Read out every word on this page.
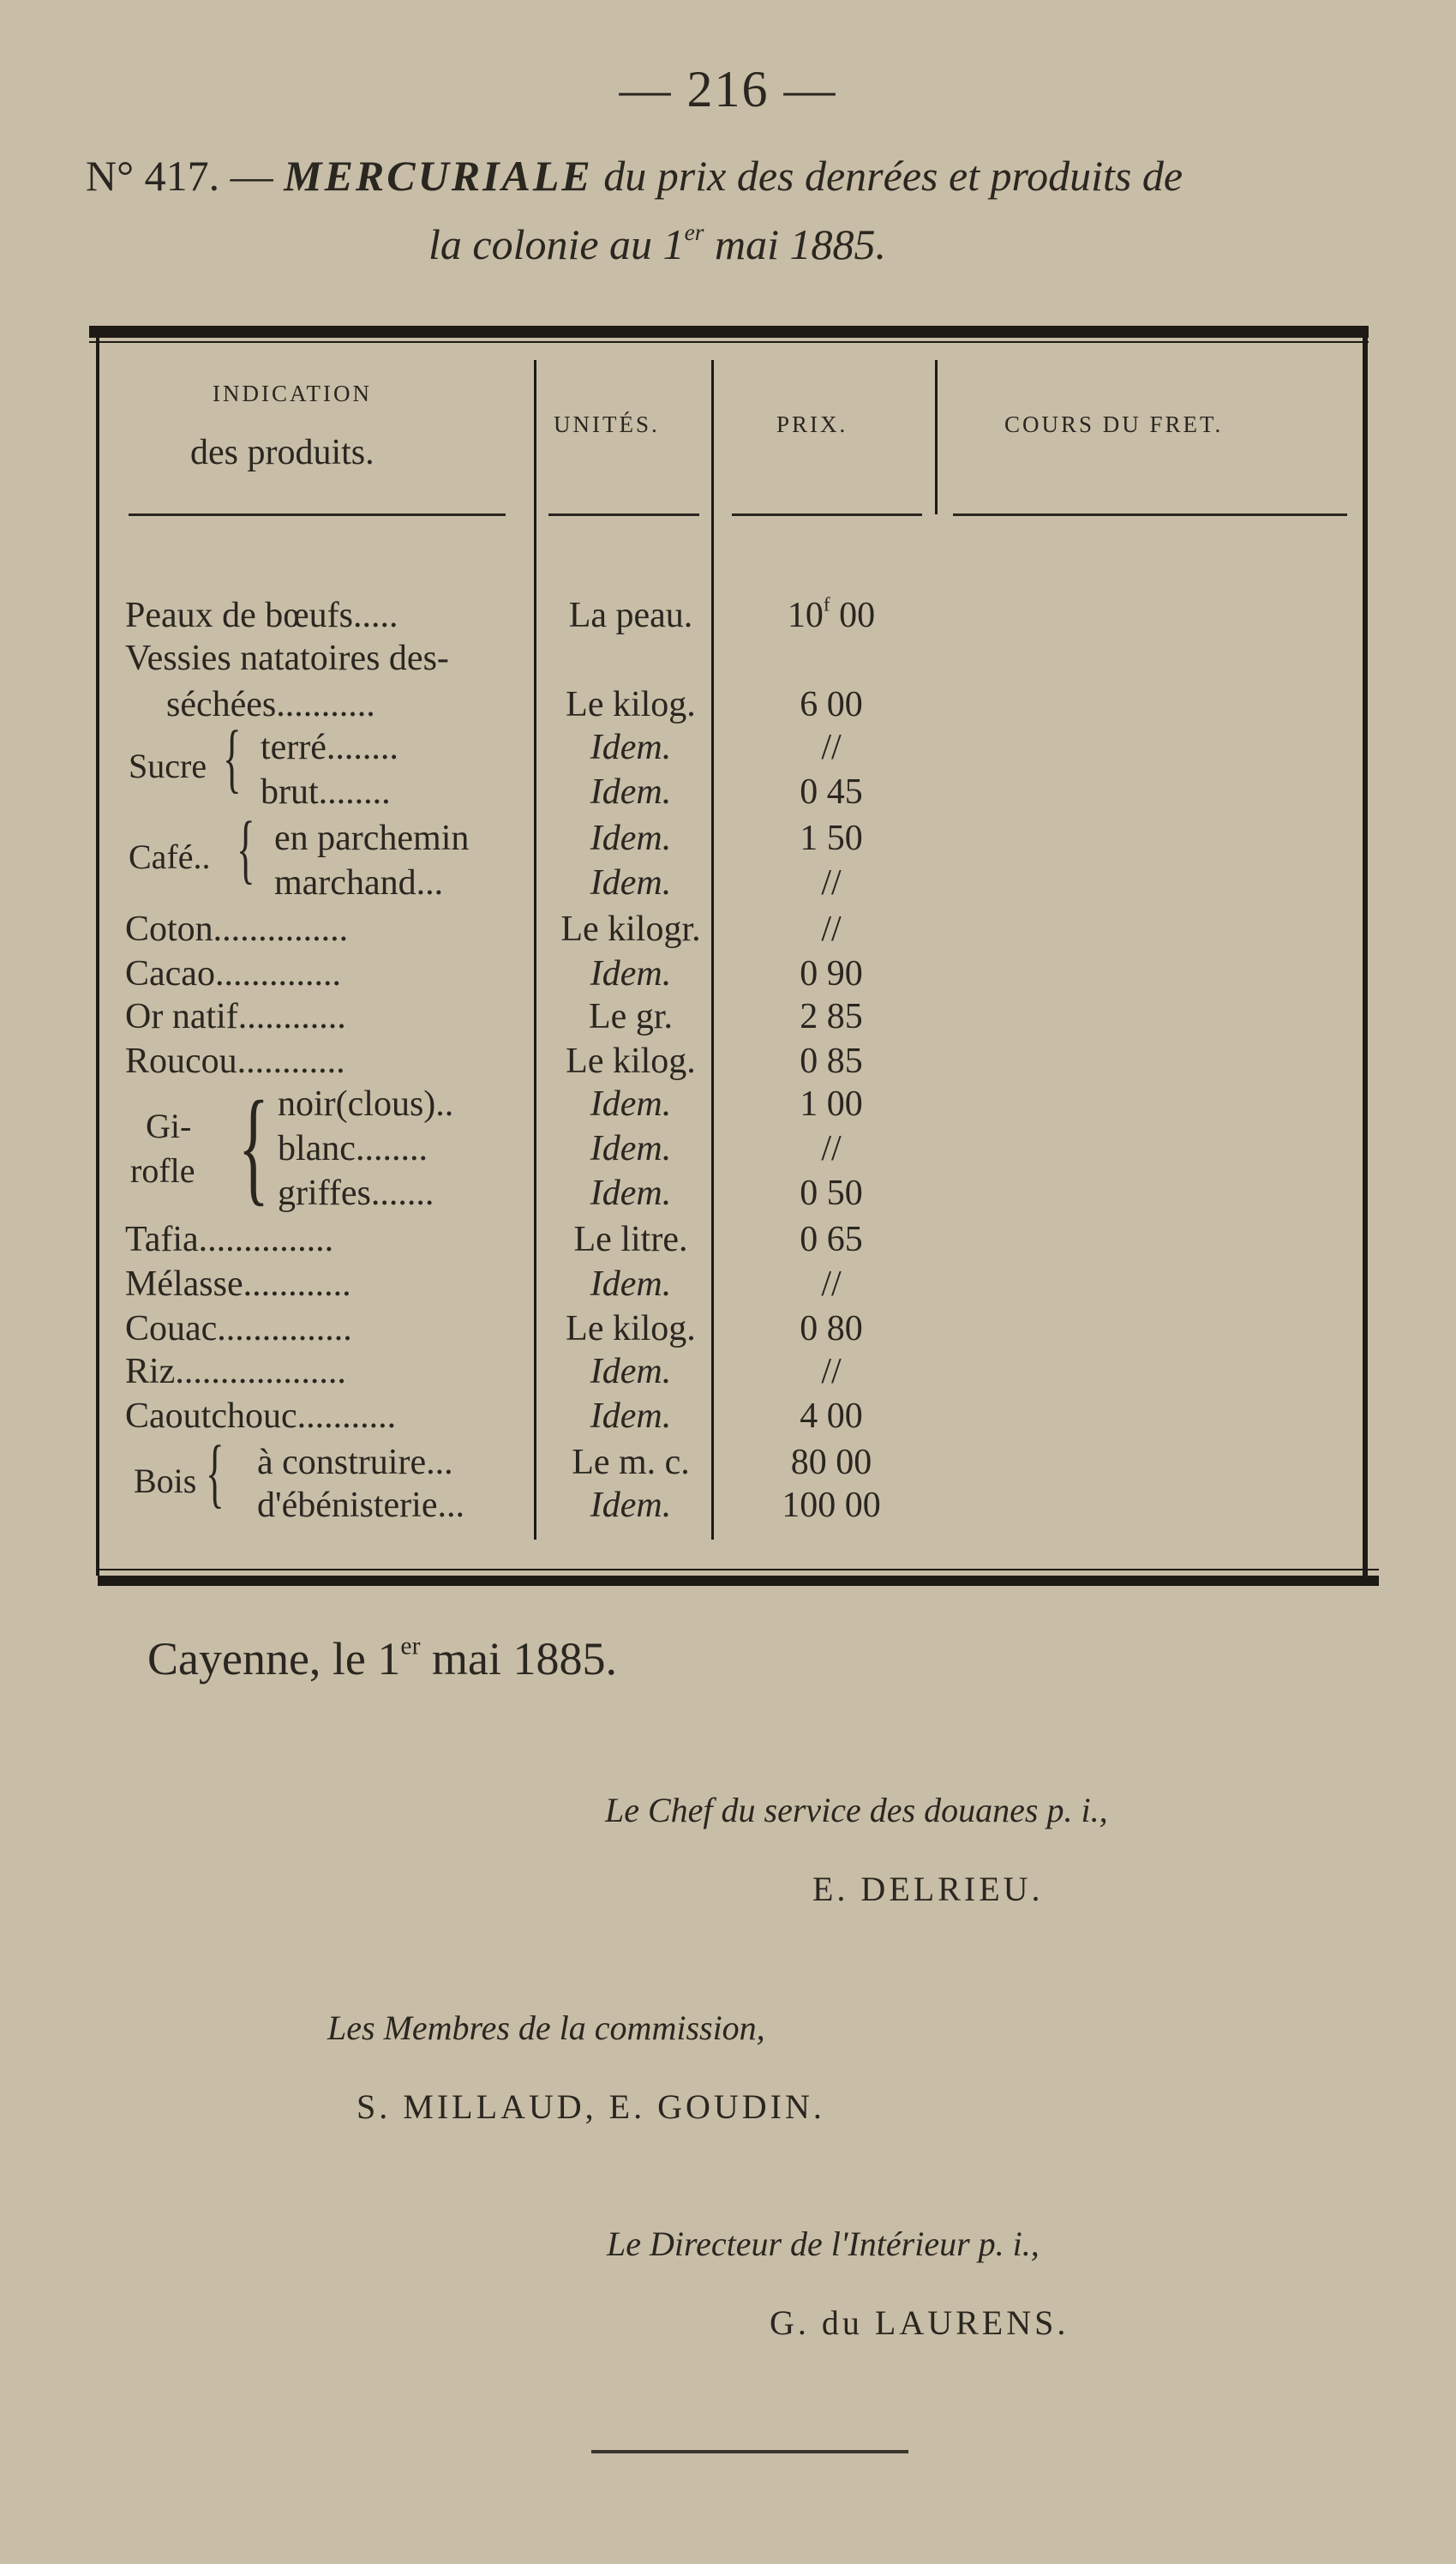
— 216 —
N° 417. — MERCURIALE du prix des denrées et produits de
la colonie au 1er mai 1885.
INDICATION
des produits.
UNITÉS.	PRIX.	COURS DU FRET.
Peaux de bœufs.....	La peau.	10$^f$ 00
Vessies natatoires des-
séchées...........	Le kilog.	6 00
Sucre { terré........	Idem.	//
brut........	Idem.	0 45
Café.. { en parchemin	Idem.	1 50
marchand...	Idem.	//
Coton...............	Le kilogr.	//
Cacao..............	Idem.	0 90
Or natif............	Le gr.	2 85
Roucou............	Le kilog.	0 85
Gi-
rofle { noir(clous)..	Idem.	1 00
blanc........	Idem.	//
griffes.......	Idem.	0 50
Tafia...............	Le litre.	0 65
Mélasse............	Idem.	//
Couac...............	Le kilog.	0 80
Riz...................	Idem.	//
Caoutchouc...........	Idem.	4 00
Bois { à construire...	Le m. c.	80 00
d'ébénisterie...	Idem.	100 00
Cayenne, le 1er mai 1885.
Le Chef du service des douanes p. i.,
E. DELRIEU.
Les Membres de la commission,
S. MILLAUD, E. GOUDIN.
Le Directeur de l'Intérieur p. i.,
G. du LAURENS.
